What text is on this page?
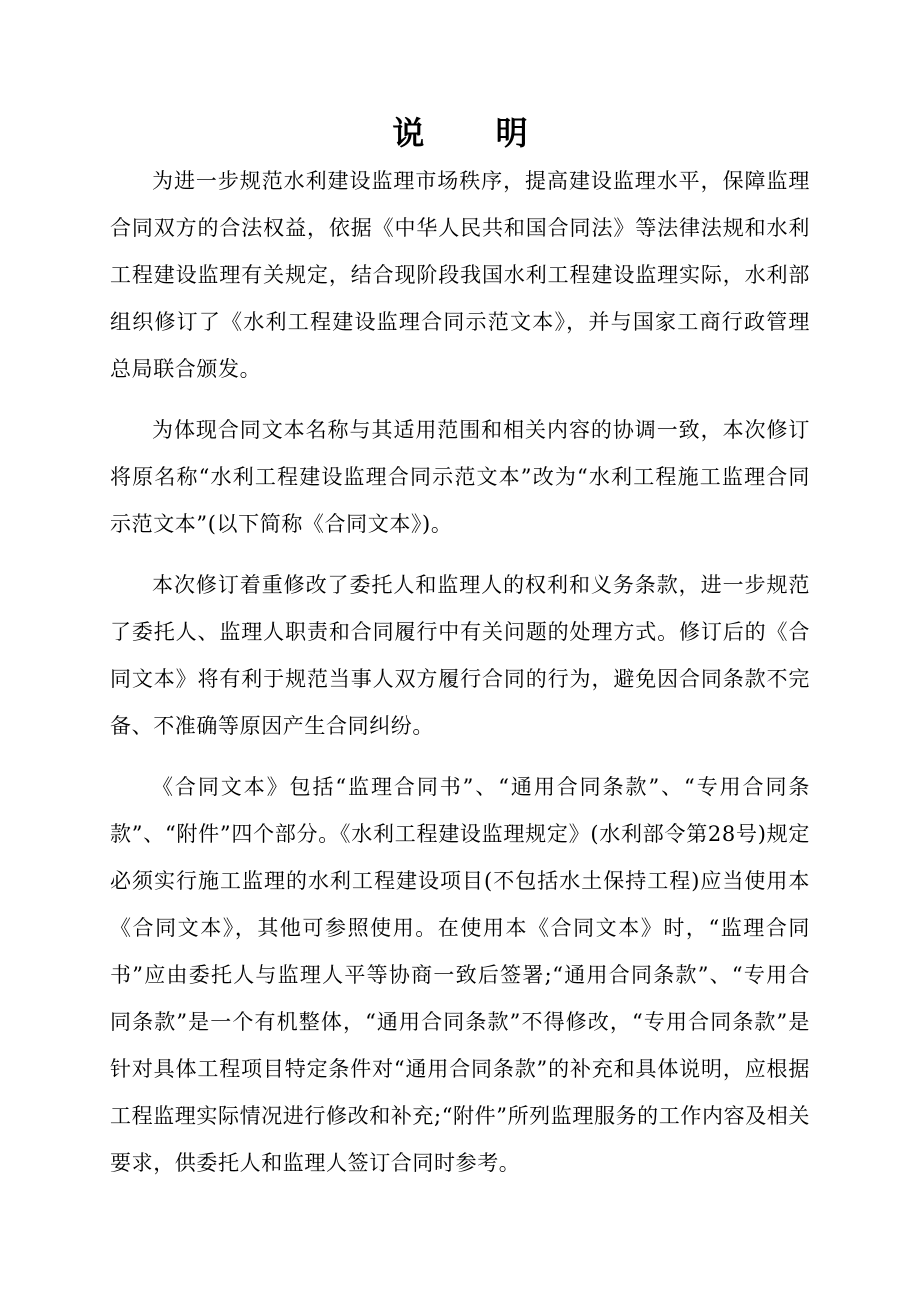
说 明

为进一步规范水利建设监理市场秩序，提高建设监理水平，保障监理合同双方的合法权益，依据《中华人民共和国合同法》等法律法规和水利工程建设监理有关规定，结合现阶段我国水利工程建设监理实际，水利部组织修订了《水利工程建设监理合同示范文本》，并与国家工商行政管理总局联合颁发。

为体现合同文本名称与其适用范围和相关内容的协调一致，本次修订将原名称“水利工程建设监理合同示范文本”改为“水利工程施工监理合同示范文本”(以下简称《合同文本》)。

本次修订着重修改了委托人和监理人的权利和义务条款，进一步规范了委托人、监理人职责和合同履行中有关问题的处理方式。修订后的《合同文本》将有利于规范当事人双方履行合同的行为，避免因合同条款不完备、不准确等原因产生合同纠纷。

《合同文本》包括“监理合同书”、“通用合同条款”、“专用合同条款”、“附件”四个部分。《水利工程建设监理规定》(水利部令第28号)规定必须实行施工监理的水利工程建设项目(不包括水土保持工程)应当使用本《合同文本》，其他可参照使用。在使用本《合同文本》时，“监理合同书”应由委托人与监理人平等协商一致后签署;“通用合同条款”、“专用合同条款”是一个有机整体，“通用合同条款”不得修改，“专用合同条款”是针对具体工程项目特定条件对“通用合同条款”的补充和具体说明，应根据工程监理实际情况进行修改和补充;“附件”所列监理服务的工作内容及相关要求，供委托人和监理人签订合同时参考。
